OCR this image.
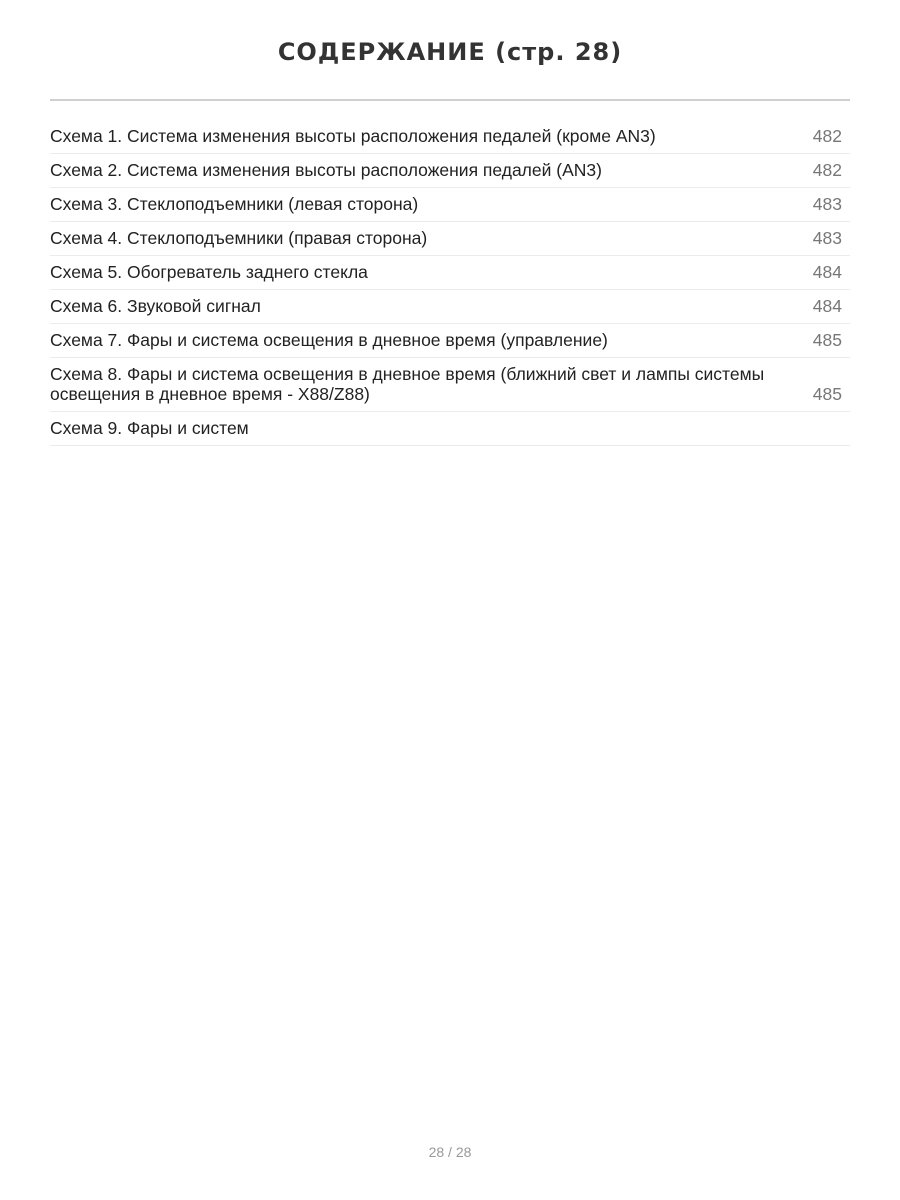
СОДЕРЖАНИЕ (стр. 28)
Схема 1. Система изменения высоты расположения педалей (кроме AN3)	482
Схема 2. Система изменения высоты расположения педалей (AN3)	482
Схема 3. Стеклоподъемники (левая сторона)	483
Схема 4. Стеклоподъемники (правая сторона)	483
Схема 5. Обогреватель заднего стекла	484
Схема 6. Звуковой сигнал	484
Схема 7. Фары и система освещения в дневное время (управление)	485
Схема 8. Фары и система освещения в дневное время (ближний свет и лампы системы освещения в дневное время - X88/Z88)	485
Схема 9. Фары и систем
28 / 28
